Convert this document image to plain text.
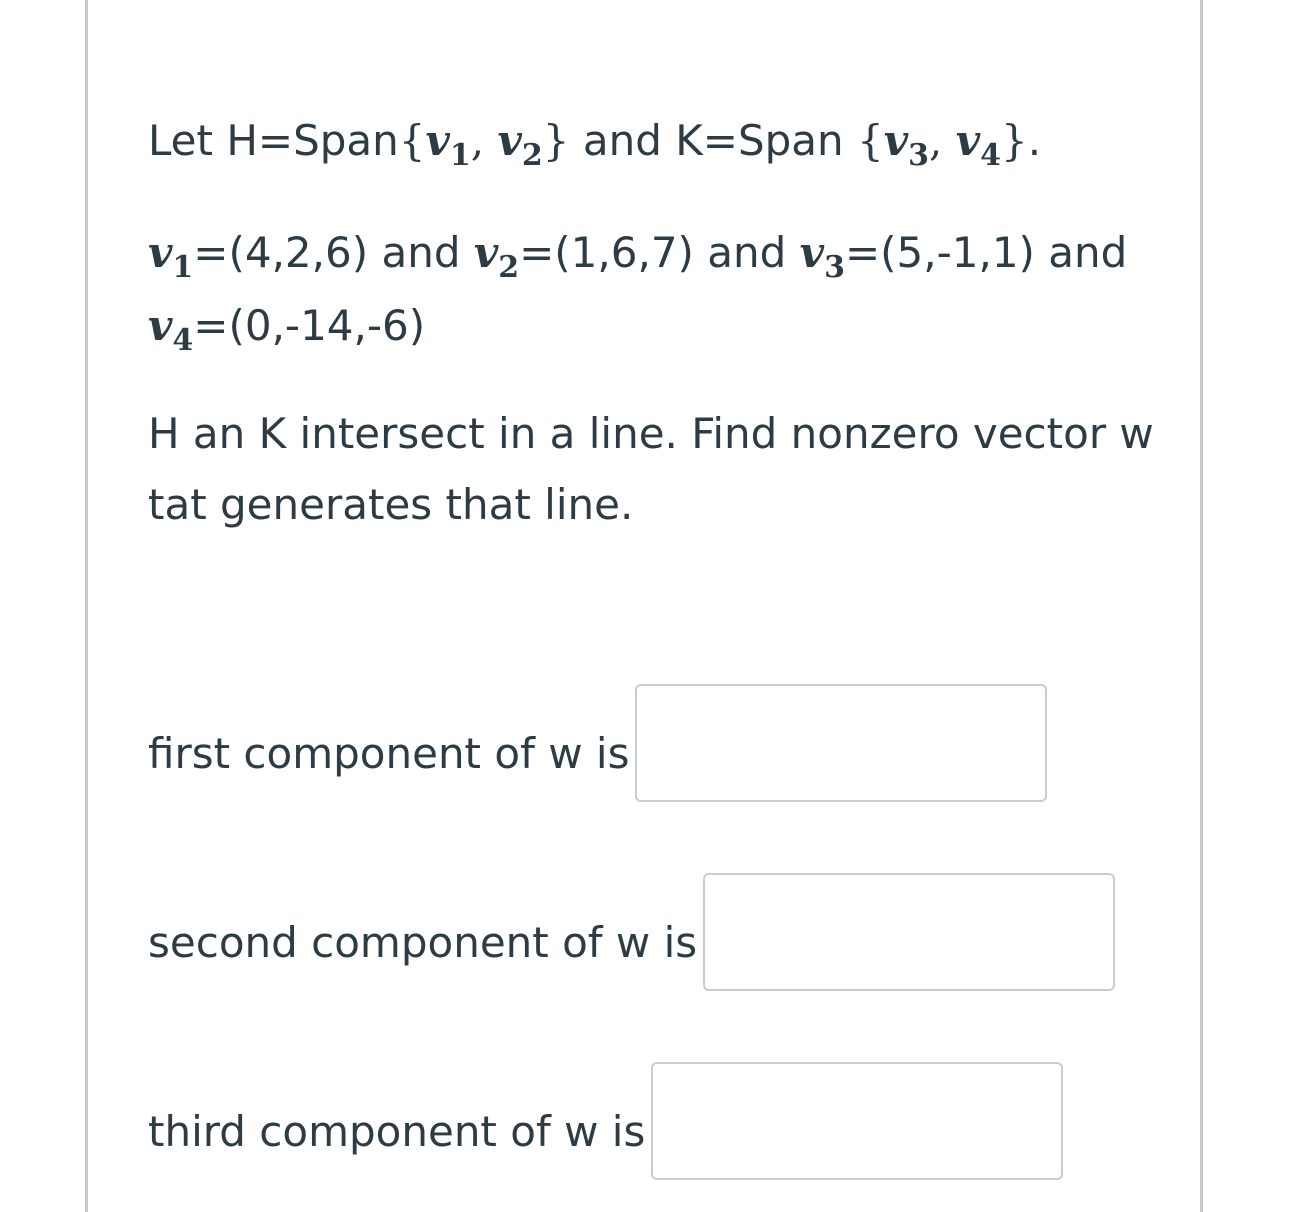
Let $H=Span\{v_1$, $v_2$} and K=Span {$v_3$, $v_4$}.
$v_1=(4,2,6)$ and $v_2=(1,6,7)$ and $v_3=(5,-1,1)$ and
$v_4=(0,-14,-6)$
H an K intersect in a line. Find nonzero vector w
tat generates that line.
first component of w is
second component of w is
third component of w is
